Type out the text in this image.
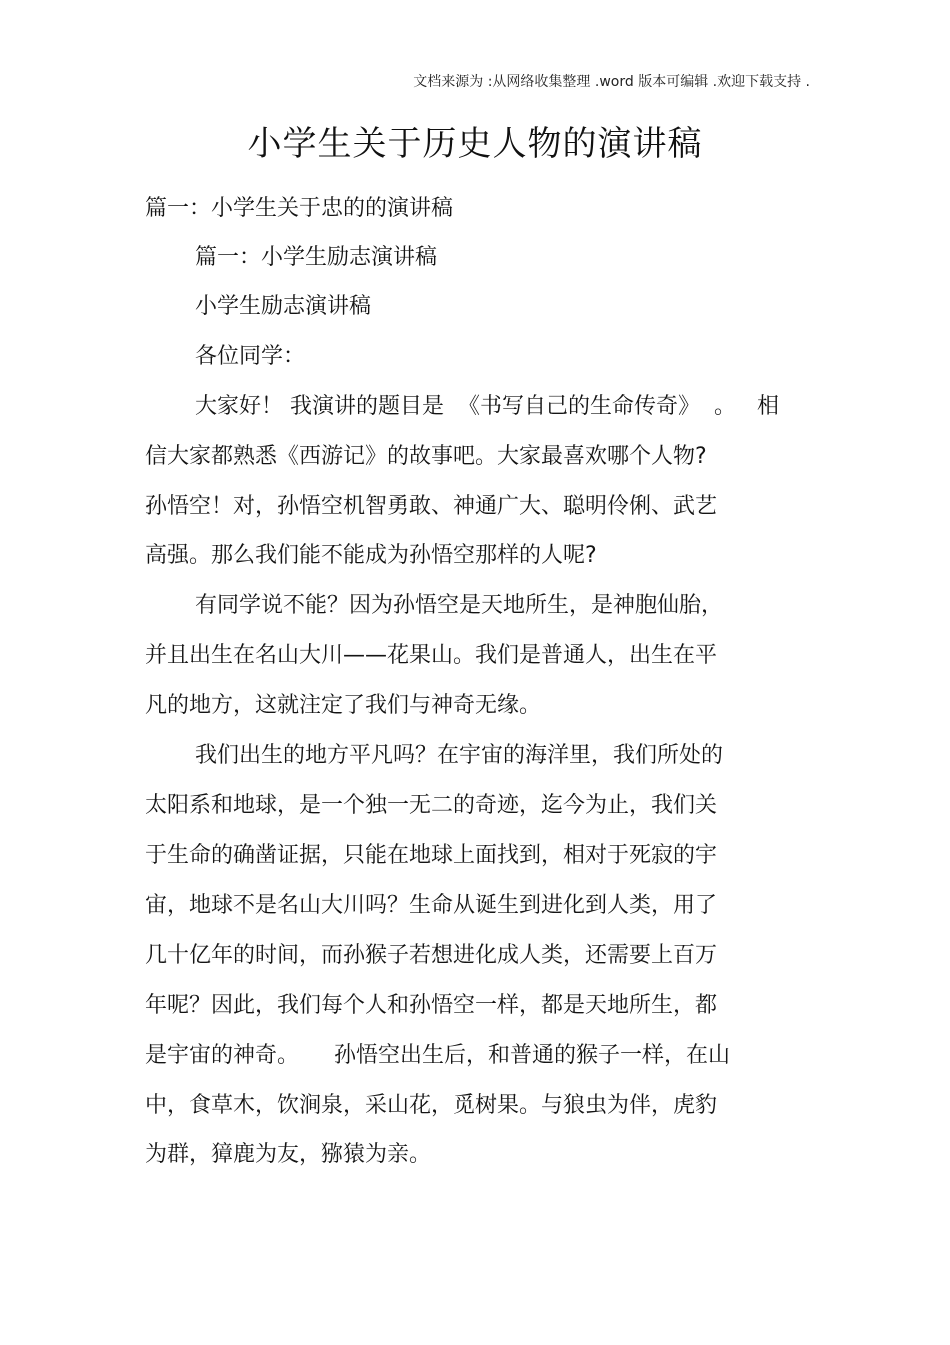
文档来源为 :从网络收集整理 .word 版本可编辑 .欢迎下载支持 .
小学生关于历史人物的演讲稿
篇一：小学生关于忠的的演讲稿
篇一：小学生励志演讲稿
小学生励志演讲稿
各位同学：
大家好！ 我演讲的题目是  《书写自己的生命传奇》  。   相
信大家都熟悉《西游记》的故事吧。大家最喜欢哪个人物?
孙悟空！对，孙悟空机智勇敢、神通广大、聪明伶俐、武艺
高强。那么我们能不能成为孙悟空那样的人呢?
有同学说不能？因为孙悟空是天地所生，是神胞仙胎，
并且出生在名山大川——花果山。我们是普通人，出生在平
凡的地方，这就注定了我们与神奇无缘。
我们出生的地方平凡吗？在宇宙的海洋里，我们所处的
太阳系和地球，是一个独一无二的奇迹，迄今为止，我们关
于生命的确凿证据，只能在地球上面找到，相对于死寂的宇
宙，地球不是名山大川吗？生命从诞生到进化到人类，用了
几十亿年的时间，而孙猴子若想进化成人类，还需要上百万
年呢？因此，我们每个人和孙悟空一样，都是天地所生，都
是宇宙的神奇。     孙悟空出生后，和普通的猴子一样，在山
中，食草木，饮涧泉，采山花，觅树果。与狼虫为伴，虎豹
为群，獐鹿为友，猕猿为亲。
